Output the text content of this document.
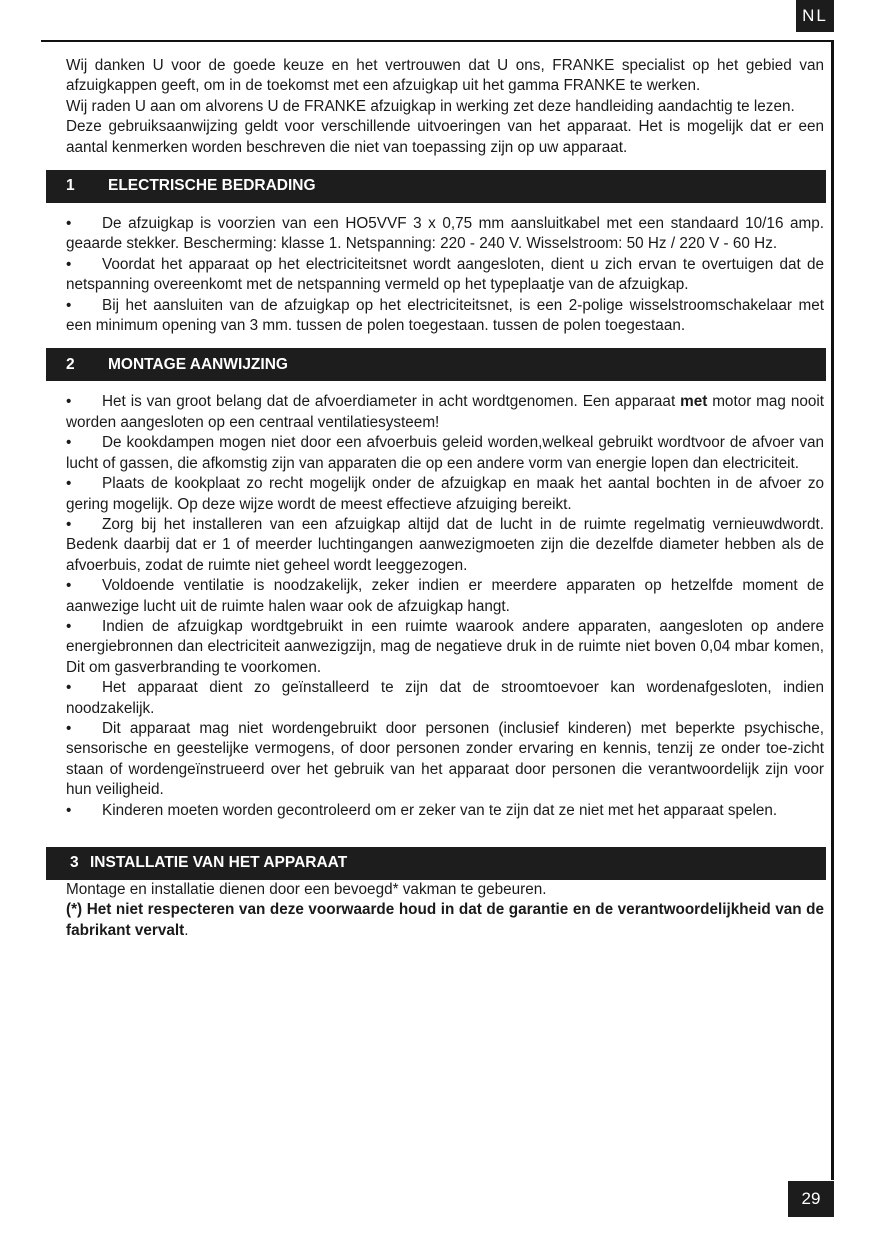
NL

Wij danken U voor de goede keuze en het vertrouwen dat U ons, FRANKE specialist op het gebied van afzuigkappen geeft, om in de toekomst met een afzuigkap uit het gamma FRANKE te werken.

Wij raden U aan om alvorens U de FRANKE afzuigkap in werking zet deze handleiding aandachtig te lezen.

Deze gebruiksaanwijzing geldt voor verschillende uitvoeringen van het apparaat. Het is mogelijk dat er een aantal kenmerken worden beschreven die niet van toepassing zijn op uw apparaat.

1	ELECTRISCHE BEDRADING

• De afzuigkap is voorzien van een HO5VVF 3 x 0,75 mm aansluitkabel met een standaard 10/16 amp. geaarde stekker. Bescherming: klasse 1. Netspanning: 220 - 240 V. Wisselstroom: 50 Hz / 220 V - 60 Hz.

• Voordat het apparaat op het electriciteitsnet wordt aangesloten, dient u zich ervan te overtuigen dat de netspanning overeenkomt met de netspanning vermeld op het typeplaatje van de afzuigkap.

• Bij het aansluiten van de afzuigkap op het electriciteitsnet, is een 2-polige wisselstroomschakelaar met een minimum opening van 3 mm. tussen de polen toegestaan. tussen de polen toegestaan.

2	MONTAGE AANWIJZING

• Het is van groot belang dat de afvoerdiameter in acht wordtgenomen. Een apparaat met motor mag nooit worden aangesloten op een centraal ventilatiesysteem!

• De kookdampen mogen niet door een afvoerbuis geleid worden,welkeal gebruikt wordtvoor de afvoer van lucht of gassen, die afkomstig zijn van apparaten die op een andere vorm van energie lopen dan electriciteit.

• Plaats de kookplaat zo recht mogelijk onder de afzuigkap en maak het aantal bochten in de afvoer zo gering mogelijk. Op deze wijze wordt de meest effectieve afzuiging bereikt.

• Zorg bij het installeren van een afzuigkap altijd dat de lucht in de ruimte regelmatig vernieuwdwordt. Bedenk daarbij dat er 1 of meerder luchtingangen aanwezigmoeten zijn die dezelfde diameter hebben als de afvoerbuis, zodat de ruimte niet geheel wordt leeggezogen.

• Voldoende ventilatie is noodzakelijk, zeker indien er meerdere apparaten op hetzelfde moment de aanwezige lucht uit de ruimte halen waar ook de afzuigkap hangt.

• Indien de afzuigkap wordtgebruikt in een ruimte waarook andere apparaten, aangesloten op andere energiebronnen dan electriciteit aanwezigzijn, mag de negatieve druk in de ruimte niet boven 0,04 mbar komen, Dit om gasverbranding te voorkomen.

• Het apparaat dient zo geïnstalleerd te zijn dat de stroomtoevoer kan wordenafgesloten, indien noodzakelijk.

• Dit apparaat mag niet wordengebruikt door personen (inclusief kinderen) met beperkte psychische, sensorische en geestelijke vermogens, of door personen zonder ervaring en kennis, tenzij ze onder toe-zicht staan of wordengeïnstrueerd over het gebruik van het apparaat door personen die verantwoordelijk zijn voor hun veiligheid.

• Kinderen moeten worden gecontroleerd om er zeker van te zijn dat ze niet met het apparaat spelen.

3 INSTALLATIE VAN HET APPARAAT

Montage en installatie dienen door een bevoegd* vakman te gebeuren.

(*) Het niet respecteren van deze voorwaarde houd in dat de garantie en de verantwoordelijkheid van de fabrikant vervalt.

29
